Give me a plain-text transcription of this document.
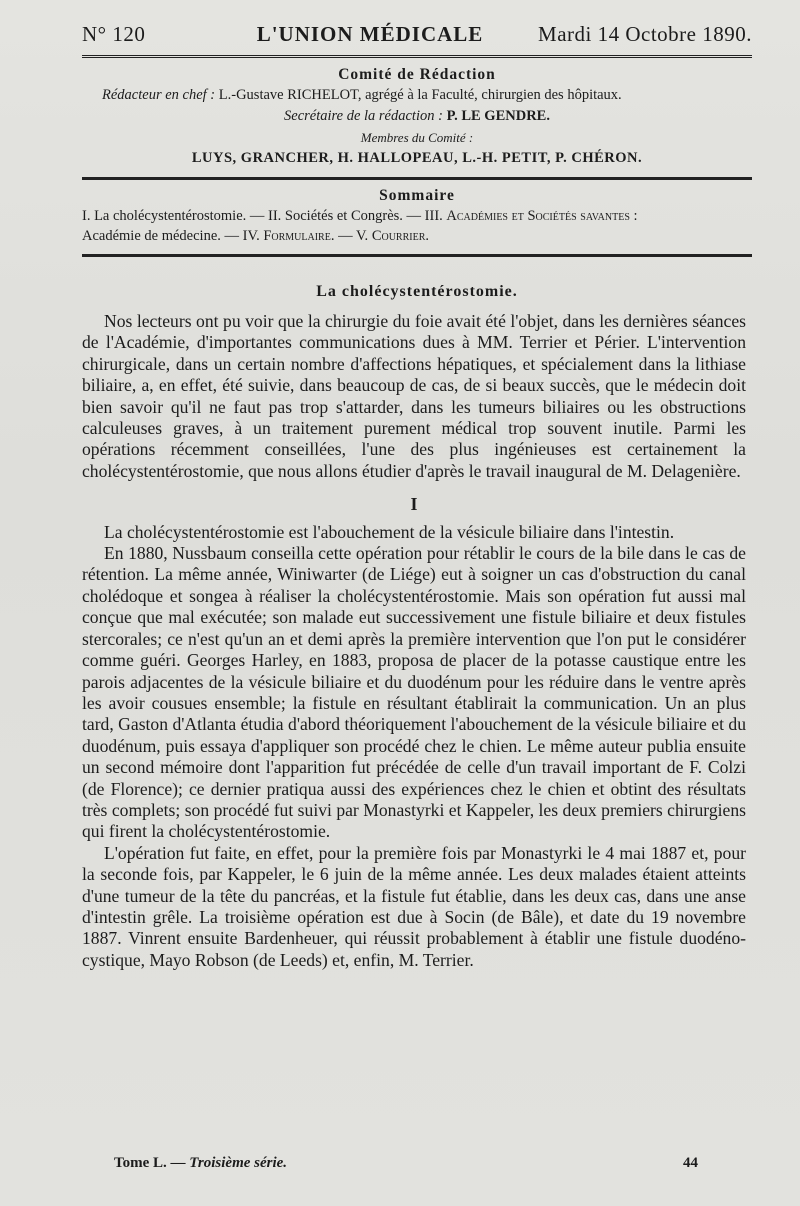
N° 120	L'UNION MÉDICALE	Mardi 14 Octobre 1890.
Comité de Rédaction
Rédacteur en chef : L.-Gustave RICHELOT, agrégé à la Faculté, chirurgien des hôpitaux.
Secrétaire de la rédaction : P. LE GENDRE.
Membres du Comité :
LUYS, GRANCHER, H. HALLOPEAU, L.-H. PETIT, P. CHÉRON.
Sommaire
I. La cholécystentérostomie. — II. Sociétés et Congrès. — III. Académies et Sociétés savantes :
Académie de médecine. — IV. Formulaire. — V. Courrier.
La cholécystentérostomie.

Nos lecteurs ont pu voir que la chirurgie du foie avait été l'objet, dans les dernières séances de l'Académie, d'importantes communications dues à MM. Terrier et Périer. L'intervention chirurgicale, dans un certain nombre d'affections hépatiques, et spécialement dans la lithiase biliaire, a, en effet, été suivie, dans beaucoup de cas, de si beaux succès, que le médecin doit bien savoir qu'il ne faut pas trop s'attarder, dans les tumeurs biliaires ou les obstructions calculeuses graves, à un traitement purement médical trop souvent inutile. Parmi les opérations récemment conseillées, l'une des plus ingénieuses est certainement la cholécystentérostomie, que nous allons étudier d'après le travail inaugural de M. Delagenière.

I

La cholécystentérostomie est l'abouchement de la vésicule biliaire dans l'intestin.

En 1880, Nussbaum conseilla cette opération pour rétablir le cours de la bile dans le cas de rétention. La même année, Winiwarter (de Liége) eut à soigner un cas d'obstruction du canal cholédoque et songea à réaliser la cholécystentérostomie. Mais son opération fut aussi mal conçue que mal exécutée; son malade eut successivement une fistule biliaire et deux fistules stercorales; ce n'est qu'un an et demi après la première intervention que l'on put le considérer comme guéri. Georges Harley, en 1883, proposa de placer de la potasse caustique entre les parois adjacentes de la vésicule biliaire et du duodénum pour les réduire dans le ventre après les avoir cousues ensemble; la fistule en résultant établirait la communication. Un an plus tard, Gaston d'Atlanta étudia d'abord théoriquement l'abouchement de la vésicule biliaire et du duodénum, puis essaya d'appliquer son procédé chez le chien. Le même auteur publia ensuite un second mémoire dont l'apparition fut précédée de celle d'un travail important de F. Colzi (de Florence); ce dernier pratiqua aussi des expériences chez le chien et obtint des résultats très complets; son procédé fut suivi par Monastyrki et Kappeler, les deux premiers chirurgiens qui firent la cholécystentérostomie.

L'opération fut faite, en effet, pour la première fois par Monastyrki le 4 mai 1887 et, pour la seconde fois, par Kappeler, le 6 juin de la même année. Les deux malades étaient atteints d'une tumeur de la tête du pancréas, et la fistule fut établie, dans les deux cas, dans une anse d'intestin grêle. La troisième opération est due à Socin (de Bâle), et date du 19 novembre 1887. Vinrent ensuite Bardenheuer, qui réussit probablement à établir une fistule duodéno-cystique, Mayo Robson (de Leeds) et, enfin, M. Terrier.

Tome L. — Troisième série.	44
